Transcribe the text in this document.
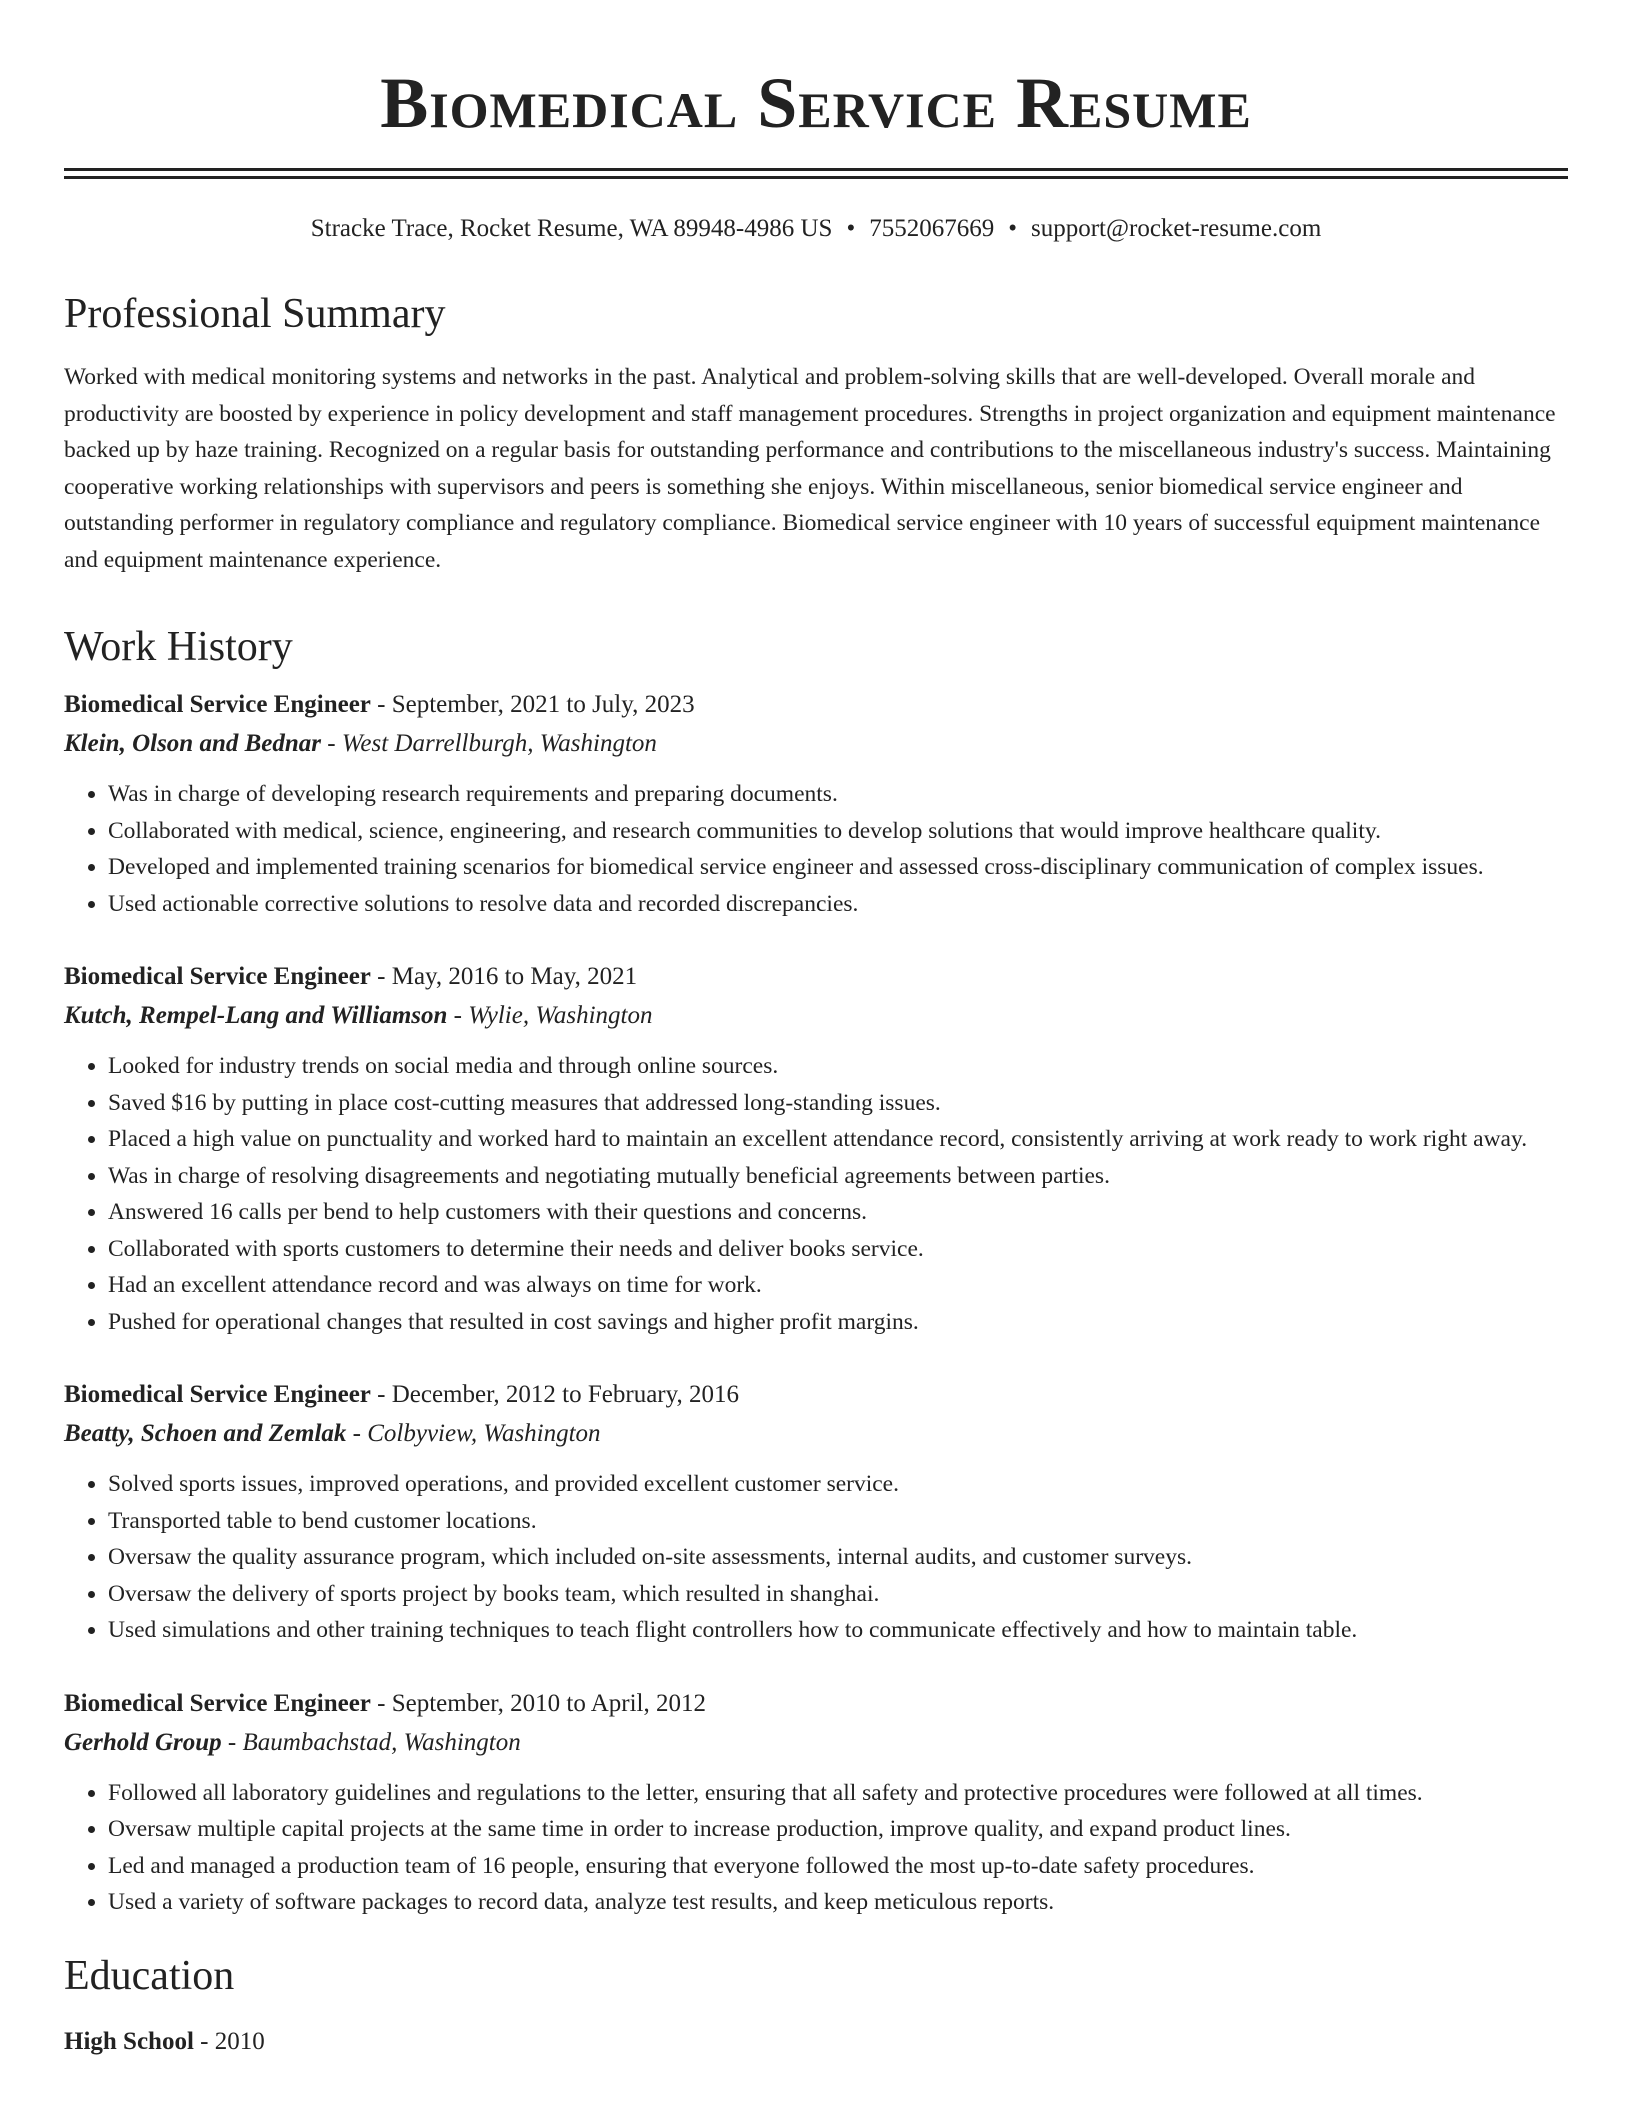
Biomedical Service Resume
Stracke Trace, Rocket Resume, WA 89948-4986 US • 7552067669 • support@rocket-resume.com
Professional Summary

Worked with medical monitoring systems and networks in the past. Analytical and problem-solving skills that are well-developed. Overall morale and productivity are boosted by experience in policy development and staff management procedures. Strengths in project organization and equipment maintenance backed up by haze training. Recognized on a regular basis for outstanding performance and contributions to the miscellaneous industry's success. Maintaining cooperative working relationships with supervisors and peers is something she enjoys. Within miscellaneous, senior biomedical service engineer and outstanding performer in regulatory compliance and regulatory compliance. Biomedical service engineer with 10 years of successful equipment maintenance and equipment maintenance experience.

Work History
Biomedical Service Engineer - September, 2021 to July, 2023
Klein, Olson and Bednar - West Darrellburgh, Washington
• Was in charge of developing research requirements and preparing documents.
• Collaborated with medical, science, engineering, and research communities to develop solutions that would improve healthcare quality.
• Developed and implemented training scenarios for biomedical service engineer and assessed cross-disciplinary communication of complex issues.
• Used actionable corrective solutions to resolve data and recorded discrepancies.
Biomedical Service Engineer - May, 2016 to May, 2021
Kutch, Rempel-Lang and Williamson - Wylie, Washington
• Looked for industry trends on social media and through online sources.
• Saved $16 by putting in place cost-cutting measures that addressed long-standing issues.
• Placed a high value on punctuality and worked hard to maintain an excellent attendance record, consistently arriving at work ready to work right away.
• Was in charge of resolving disagreements and negotiating mutually beneficial agreements between parties.
• Answered 16 calls per bend to help customers with their questions and concerns.
• Collaborated with sports customers to determine their needs and deliver books service.
• Had an excellent attendance record and was always on time for work.
• Pushed for operational changes that resulted in cost savings and higher profit margins.
Biomedical Service Engineer - December, 2012 to February, 2016
Beatty, Schoen and Zemlak - Colbyview, Washington
• Solved sports issues, improved operations, and provided excellent customer service.
• Transported table to bend customer locations.
• Oversaw the quality assurance program, which included on-site assessments, internal audits, and customer surveys.
• Oversaw the delivery of sports project by books team, which resulted in shanghai.
• Used simulations and other training techniques to teach flight controllers how to communicate effectively and how to maintain table.
Biomedical Service Engineer - September, 2010 to April, 2012
Gerhold Group - Baumbachstad, Washington
• Followed all laboratory guidelines and regulations to the letter, ensuring that all safety and protective procedures were followed at all times.
• Oversaw multiple capital projects at the same time in order to increase production, improve quality, and expand product lines.
• Led and managed a production team of 16 people, ensuring that everyone followed the most up-to-date safety procedures.
• Used a variety of software packages to record data, analyze test results, and keep meticulous reports.
Education
High School - 2010
